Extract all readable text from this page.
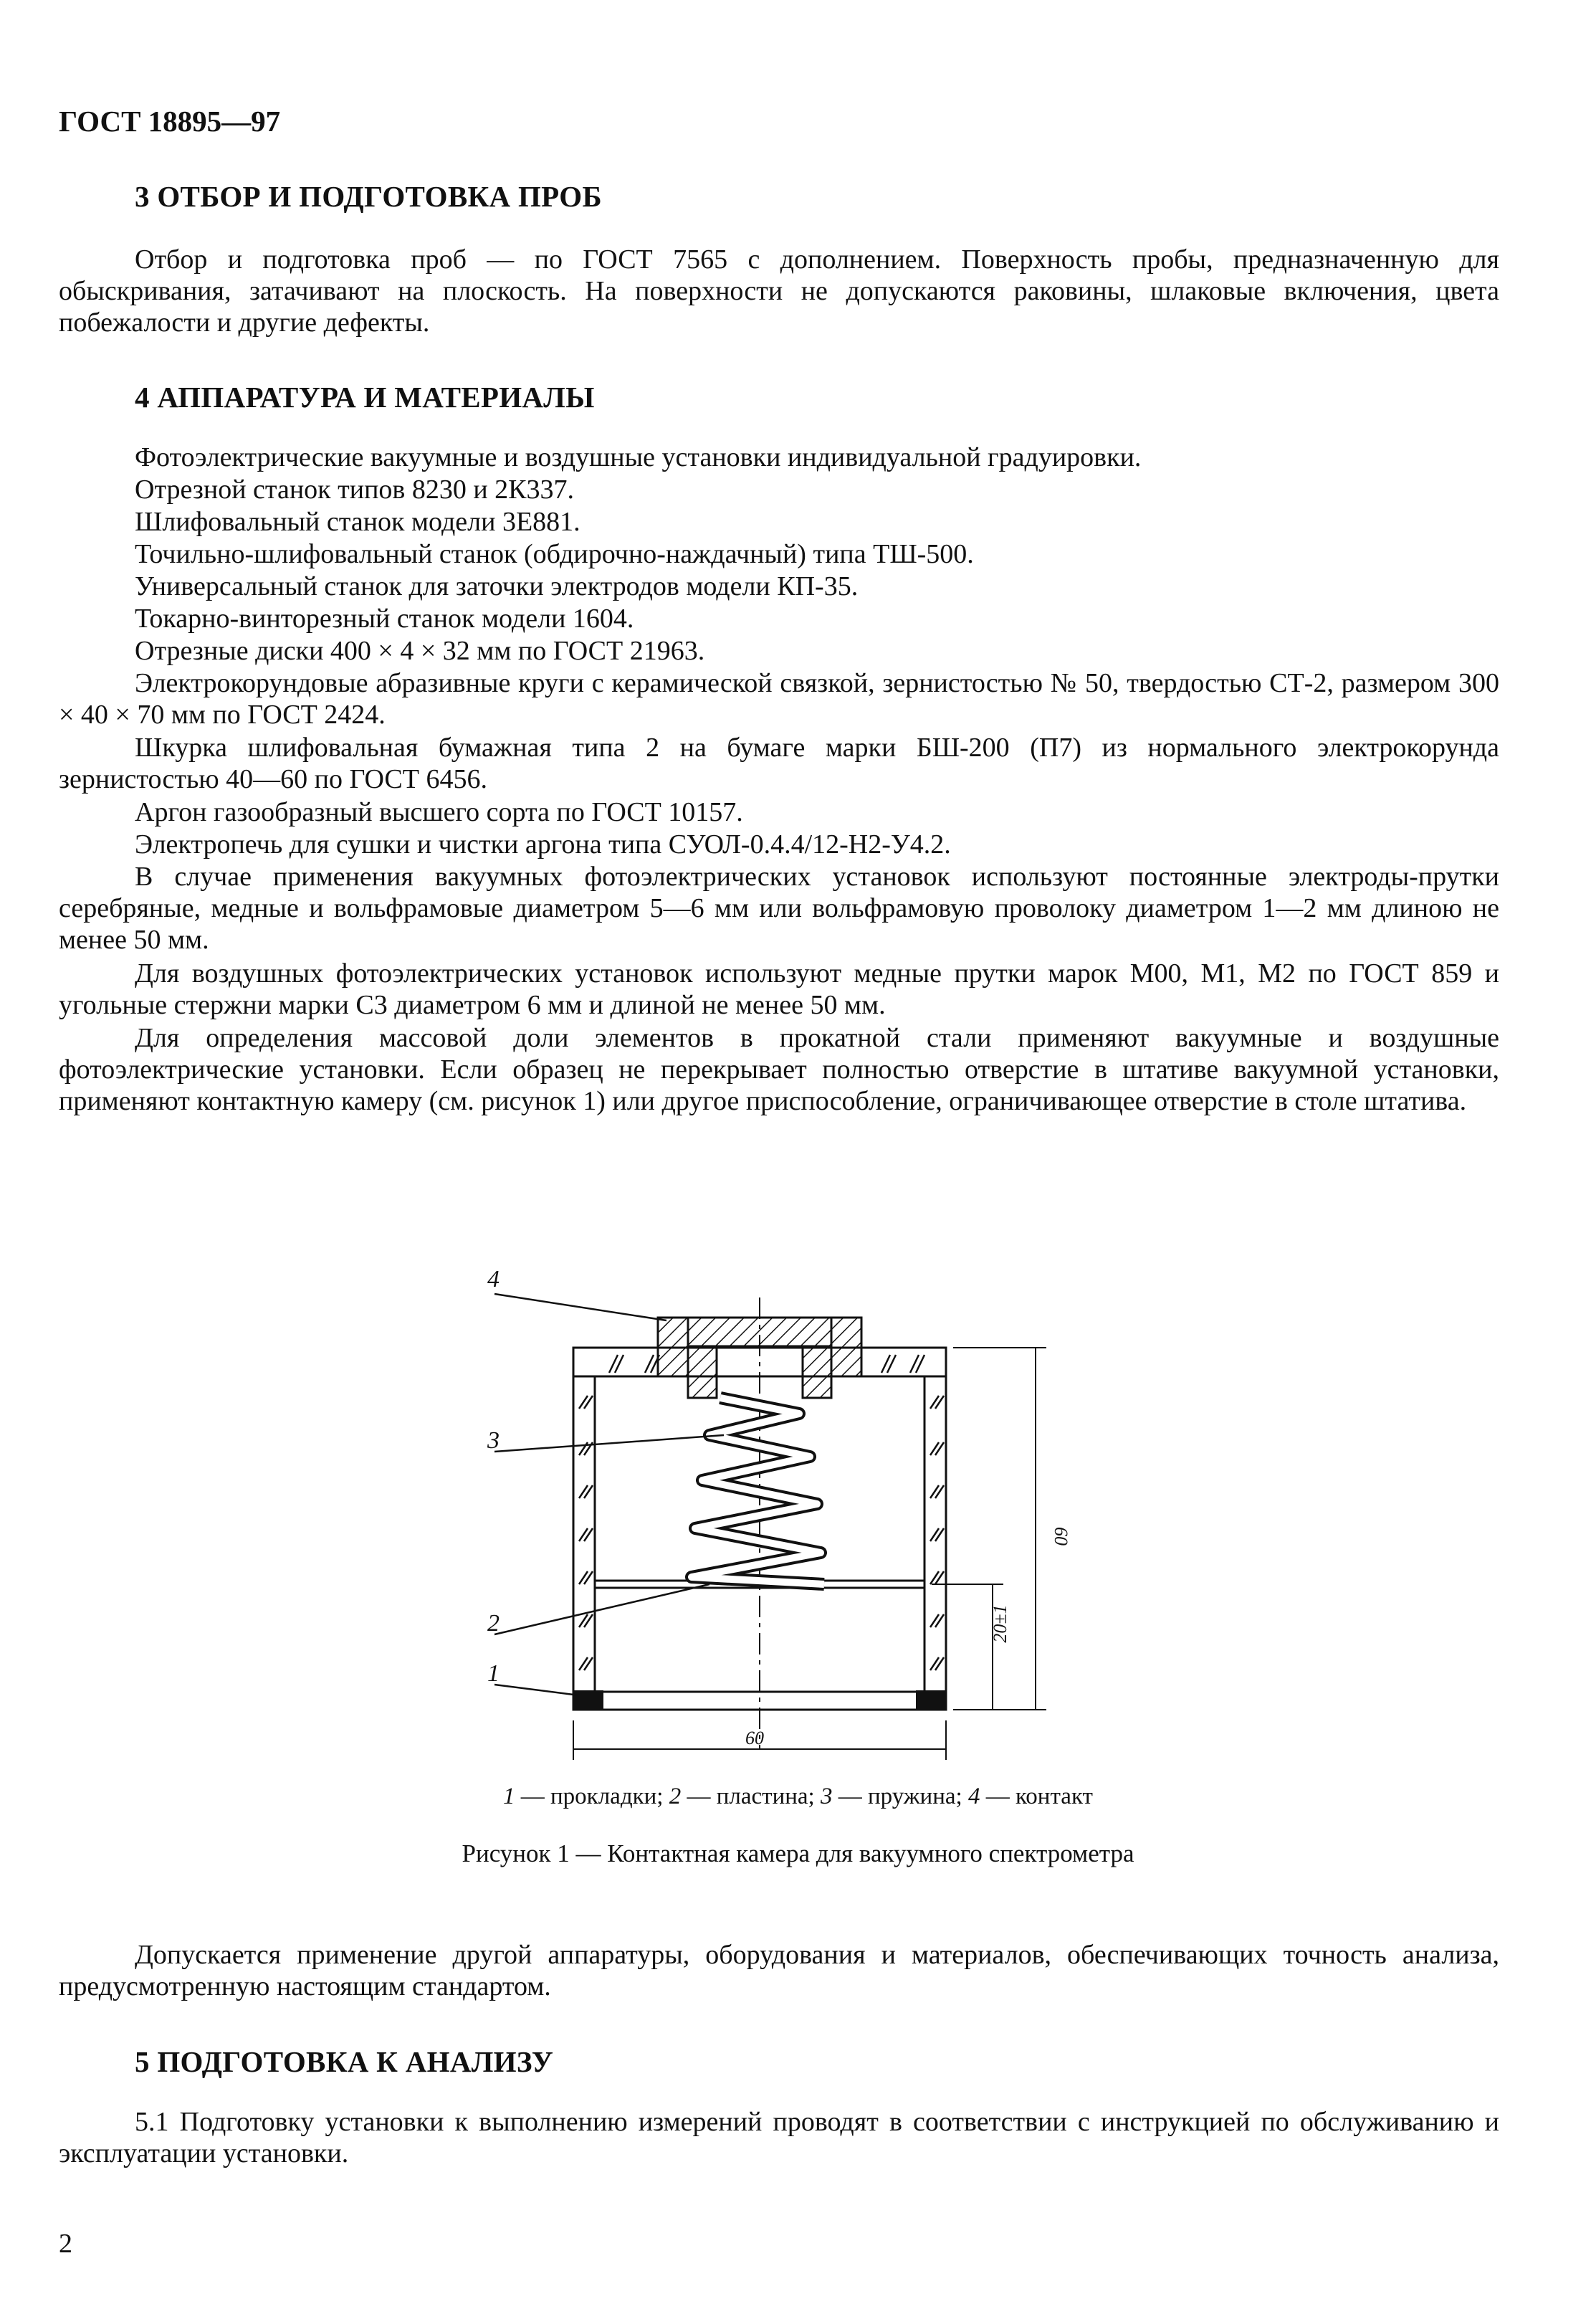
ГОСТ 18895—97
3 ОТБОР И ПОДГОТОВКА ПРОБ

Отбор и подготовка проб — по ГОСТ 7565 с дополнением. Поверхность пробы, предназначенную для обыскривания, затачивают на плоскость. На поверхности не допускаются раковины, шлаковые включения, цвета побежалости и другие дефекты.

4 АППАРАТУРА И МАТЕРИАЛЫ
Фотоэлектрические вакуумные и воздушные установки индивидуальной градуировки.
Отрезной станок типов 8230 и 2К337.
Шлифовальный станок модели 3Е881.
Точильно-шлифовальный станок (обдирочно-наждачный) типа ТШ-500.
Универсальный станок для заточки электродов модели КП-35.
Токарно-винторезный станок модели 1604.
Отрезные диски 400 × 4 × 32 мм по ГОСТ 21963.

Электрокорундовые абразивные круги с керамической связкой, зернистостью № 50, твердостью СТ-2, размером 300 × 40 × 70 мм по ГОСТ 2424.

Шкурка шлифовальная бумажная типа 2 на бумаге марки БШ-200 (П7) из нормального электрокорунда зернистостью 40—60 по ГОСТ 6456.

Аргон газообразный высшего сорта по ГОСТ 10157.
Электропечь для сушки и чистки аргона типа СУОЛ-0.4.4/12-Н2-У4.2.

В случае применения вакуумных фотоэлектрических установок используют постоянные электроды-прутки серебряные, медные и вольфрамовые диаметром 5—6 мм или вольфрамовую проволоку диаметром 1—2 мм длиною не менее 50 мм.

Для воздушных фотоэлектрических установок используют медные прутки марок М00, М1, М2 по ГОСТ 859 и угольные стержни марки С3 диаметром 6 мм и длиной не менее 50 мм.

Для определения массовой доли элементов в прокатной стали применяют вакуумные и воздушные фотоэлектрические установки. Если образец не перекрывает полностью отверстие в штативе вакуумной установки, применяют контактную камеру (см. рисунок 1) или другое приспособление, ограничивающее отверстие в столе штатива.

4
3
2
1
60
60
20±1
1 — прокладки; 2 — пластина; 3 — пружина; 4 — контакт
Рисунок 1 — Контактная камера для вакуумного спектрометра

Допускается применение другой аппаратуры, оборудования и материалов, обеспечивающих точность анализа, предусмотренную настоящим стандартом.

5 ПОДГОТОВКА К АНАЛИЗУ

5.1 Подготовку установки к выполнению измерений проводят в соответствии с инструкцией по обслуживанию и эксплуатации установки.

2
